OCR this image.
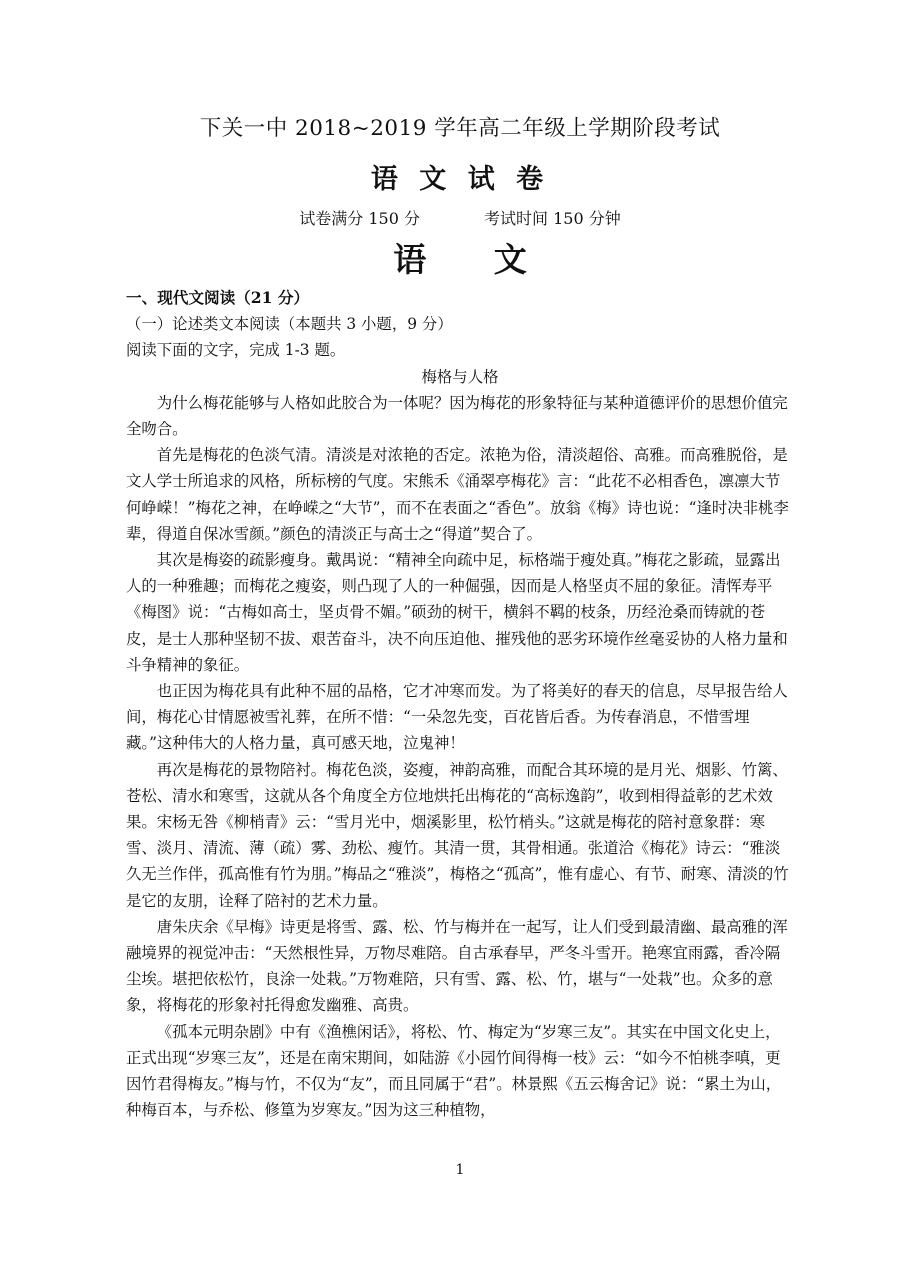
下关一中 2018~2019 学年高二年级上学期阶段考试
语 文 试 卷
试卷满分 150 分	考试时间 150 分钟
语 文

一、现代文阅读（21 分）

（一）论述类文本阅读（本题共 3 小题，9 分）

阅读下面的文字，完成 1-3 题。

梅格与人格

为什么梅花能够与人格如此胶合为一体呢？因为梅花的形象特征与某种道德评价的思想价值完全吻合。

首先是梅花的色淡气清。清淡是对浓艳的否定。浓艳为俗，清淡超俗、高雅。而高雅脱俗，是文人学士所追求的风格，所标榜的气度。宋熊禾《涌翠亭梅花》言：“此花不必相香色，凛凛大节何峥嵘！”梅花之神，在峥嵘之“大节”，而不在表面之“香色”。放翁《梅》诗也说：“逢时决非桃李辈，得道自保冰雪颜。”颜色的清淡正与高士之“得道”契合了。

其次是梅姿的疏影瘦身。戴禺说：“精神全向疏中足，标格端于瘦处真。”梅花之影疏，显露出人的一种雅趣；而梅花之瘦姿，则凸现了人的一种倔强，因而是人格坚贞不屈的象征。清恽寿平《梅图》说：“古梅如高士，坚贞骨不媚。”硕劲的树干，横斜不羁的枝条，历经沧桑而铸就的苍皮，是士人那种坚韧不拔、艰苦奋斗，决不向压迫他、摧残他的恶劣环境作丝毫妥协的人格力量和斗争精神的象征。

也正因为梅花具有此种不屈的品格，它才冲寒而发。为了将美好的春天的信息，尽早报告给人间，梅花心甘情愿被雪礼葬，在所不惜：“一朵忽先变，百花皆后香。为传春消息，不惜雪埋藏。”这种伟大的人格力量，真可感天地，泣鬼神！

再次是梅花的景物陪衬。梅花色淡，姿瘦，神韵高雅，而配合其环境的是月光、烟影、竹篱、苍松、清水和寒雪，这就从各个角度全方位地烘托出梅花的“高标逸韵”，收到相得益彰的艺术效果。宋杨无咎《柳梢青》云：“雪月光中，烟溪影里，松竹梢头。”这就是梅花的陪衬意象群：寒雪、淡月、清流、薄（疏）雾、劲松、瘦竹。其清一贯，其骨相通。张道洽《梅花》诗云：“雅淡久无兰作伴，孤高惟有竹为朋。”梅品之“雅淡”，梅格之“孤高”，惟有虚心、有节、耐寒、清淡的竹是它的友朋，诠释了陪衬的艺术力量。

唐朱庆余《早梅》诗更是将雪、露、松、竹与梅并在一起写，让人们受到最清幽、最高雅的浑融境界的视觉冲击：“天然根性异，万物尽难陪。自古承春早，严冬斗雪开。艳寒宜雨露，香冷隔尘埃。堪把依松竹，良涂一处栽。”万物难陪，只有雪、露、松、竹，堪与“一处栽”也。众多的意象，将梅花的形象衬托得愈发幽雅、高贵。

《孤本元明杂剧》中有《渔樵闲话》，将松、竹、梅定为“岁寒三友”。其实在中国文化史上，正式出现“岁寒三友”，还是在南宋期间，如陆游《小园竹间得梅一枝》云：“如今不怕桃李嗔，更因竹君得梅友。”梅与竹，不仅为“友”，而且同属于“君”。林景熙《五云梅舍记》说：“累土为山，种梅百本，与乔松、修篁为岁寒友。”因为这三种植物，

1
